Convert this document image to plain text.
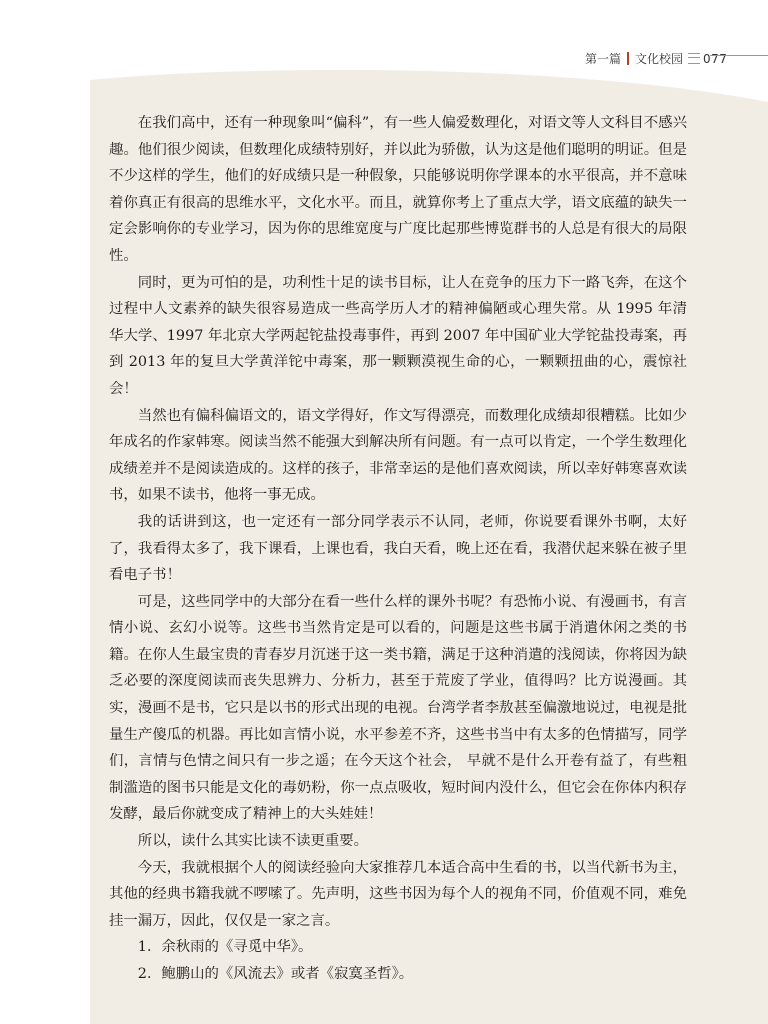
第一篇 文化校园 077

在我们高中，还有一种现象叫“偏科”，有一些人偏爱数理化，对语文等人文科目不感兴趣。他们很少阅读，但数理化成绩特别好，并以此为骄傲，认为这是他们聪明的明证。但是不少这样的学生，他们的好成绩只是一种假象，只能够说明你学课本的水平很高，并不意味着你真正有很高的思维水平，文化水平。而且，就算你考上了重点大学，语文底蕴的缺失一定会影响你的专业学习，因为你的思维宽度与广度比起那些博览群书的人总是有很大的局限性。

同时，更为可怕的是，功利性十足的读书目标，让人在竞争的压力下一路飞奔，在这个过程中人文素养的缺失很容易造成一些高学历人才的精神偏陋或心理失常。从 1995 年清华大学、1997 年北京大学两起铊盐投毒事件，再到 2007 年中国矿业大学铊盐投毒案，再到 2013 年的复旦大学黄洋铊中毒案，那一颗颗漠视生命的心，一颗颗扭曲的心，震惊社会！

当然也有偏科偏语文的，语文学得好，作文写得漂亮，而数理化成绩却很糟糕。比如少年成名的作家韩寒。阅读当然不能强大到解决所有问题。有一点可以肯定，一个学生数理化成绩差并不是阅读造成的。这样的孩子，非常幸运的是他们喜欢阅读，所以幸好韩寒喜欢读书，如果不读书，他将一事无成。

我的话讲到这，也一定还有一部分同学表示不认同，老师，你说要看课外书啊，太好了，我看得太多了，我下课看，上课也看，我白天看，晚上还在看，我潜伏起来躲在被子里看电子书！

可是，这些同学中的大部分在看一些什么样的课外书呢？有恐怖小说、有漫画书，有言情小说、玄幻小说等。这些书当然肯定是可以看的，问题是这些书属于消遣休闲之类的书籍。在你人生最宝贵的青春岁月沉迷于这一类书籍，满足于这种消遣的浅阅读，你将因为缺乏必要的深度阅读而丧失思辨力、分析力，甚至于荒废了学业，值得吗？比方说漫画。其实，漫画不是书，它只是以书的形式出现的电视。台湾学者李敖甚至偏激地说过，电视是批量生产傻瓜的机器。再比如言情小说，水平参差不齐，这些书当中有太多的色情描写，同学们，言情与色情之间只有一步之遥；在今天这个社会， 早就不是什么开卷有益了，有些粗制滥造的图书只能是文化的毒奶粉，你一点点吸收，短时间内没什么，但它会在你体内积存发酵，最后你就变成了精神上的大头娃娃！

所以，读什么其实比读不读更重要。

今天，我就根据个人的阅读经验向大家推荐几本适合高中生看的书，以当代新书为主，其他的经典书籍我就不啰嗦了。先声明，这些书因为每个人的视角不同，价值观不同，难免挂一漏万，因此，仅仅是一家之言。

1．余秋雨的《寻觅中华》。

2．鲍鹏山的《风流去》或者《寂寞圣哲》。
